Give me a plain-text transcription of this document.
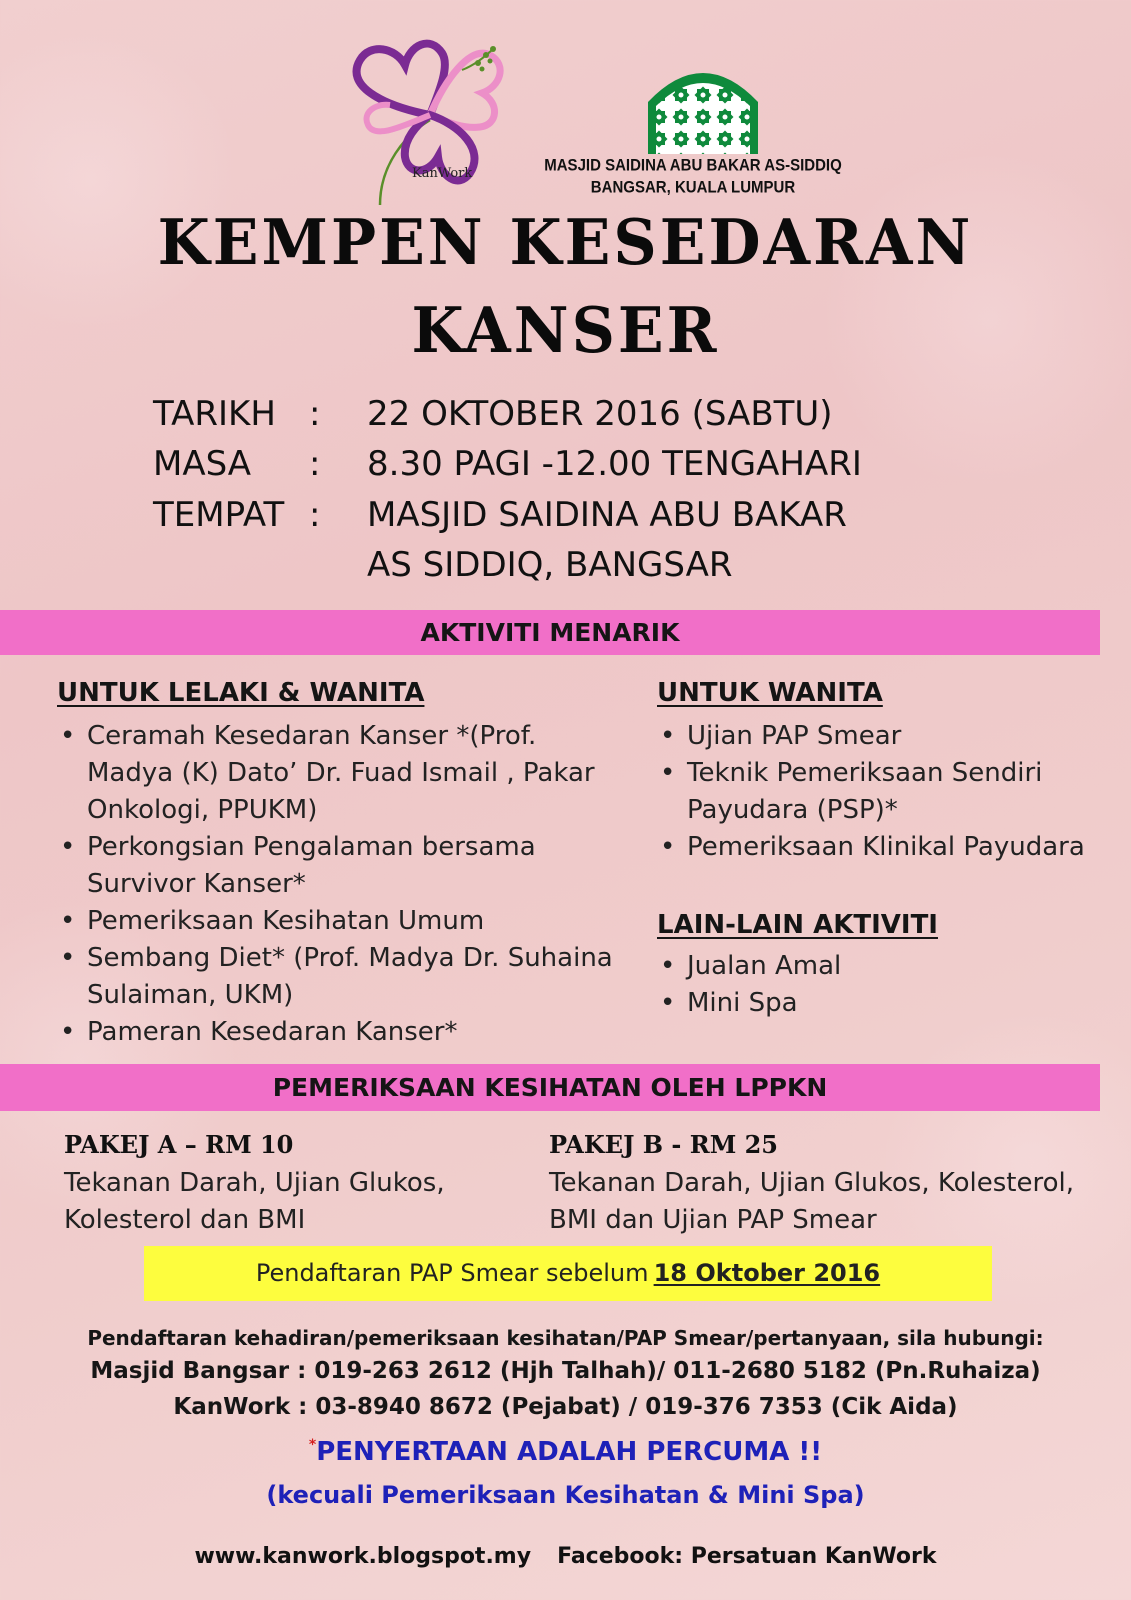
KanWork	MASJID SAIDINA ABU BAKAR AS-SIDDIQ
BANGSAR, KUALA LUMPUR
KEMPEN KESEDARAN
KANSER
TARIKH : 22 OKTOBER 2016 (SABTU)
MASA : 8.30 PAGI -12.00 TENGAHARI
TEMPAT : MASJID SAIDINA ABU BAKAR
AS SIDDIQ, BANGSAR
AKTIVITI MENARIK
UNTUK LELAKI & WANITA
• Ceramah Kesedaran Kanser *(Prof. Madya (K) Dato’ Dr. Fuad Ismail , Pakar Onkologi, PPUKM)
• Perkongsian Pengalaman bersama Survivor Kanser*
• Pemeriksaan Kesihatan Umum
• Sembang Diet* (Prof. Madya Dr. Suhaina Sulaiman, UKM)
• Pameran Kesedaran Kanser*
UNTUK WANITA
• Ujian PAP Smear
• Teknik Pemeriksaan Sendiri Payudara (PSP)*
• Pemeriksaan Klinikal Payudara
LAIN-LAIN AKTIVITI
• Jualan Amal
• Mini Spa
PEMERIKSAAN KESIHATAN OLEH LPPKN
PAKEJ A – RM 10
Tekanan Darah, Ujian Glukos, Kolesterol dan BMI
PAKEJ B - RM 25
Tekanan Darah, Ujian Glukos, Kolesterol, BMI dan Ujian PAP Smear
Pendaftaran PAP Smear sebelum 18 Oktober 2016
Pendaftaran kehadiran/pemeriksaan kesihatan/PAP Smear/pertanyaan, sila hubungi:
Masjid Bangsar : 019-263 2612 (Hjh Talhah)/ 011-2680 5182 (Pn.Ruhaiza)
KanWork : 03-8940 8672 (Pejabat) / 019-376 7353 (Cik Aida)
*PENYERTAAN ADALAH PERCUMA !!
(kecuali Pemeriksaan Kesihatan & Mini Spa)
www.kanwork.blogspot.my Facebook: Persatuan KanWork
